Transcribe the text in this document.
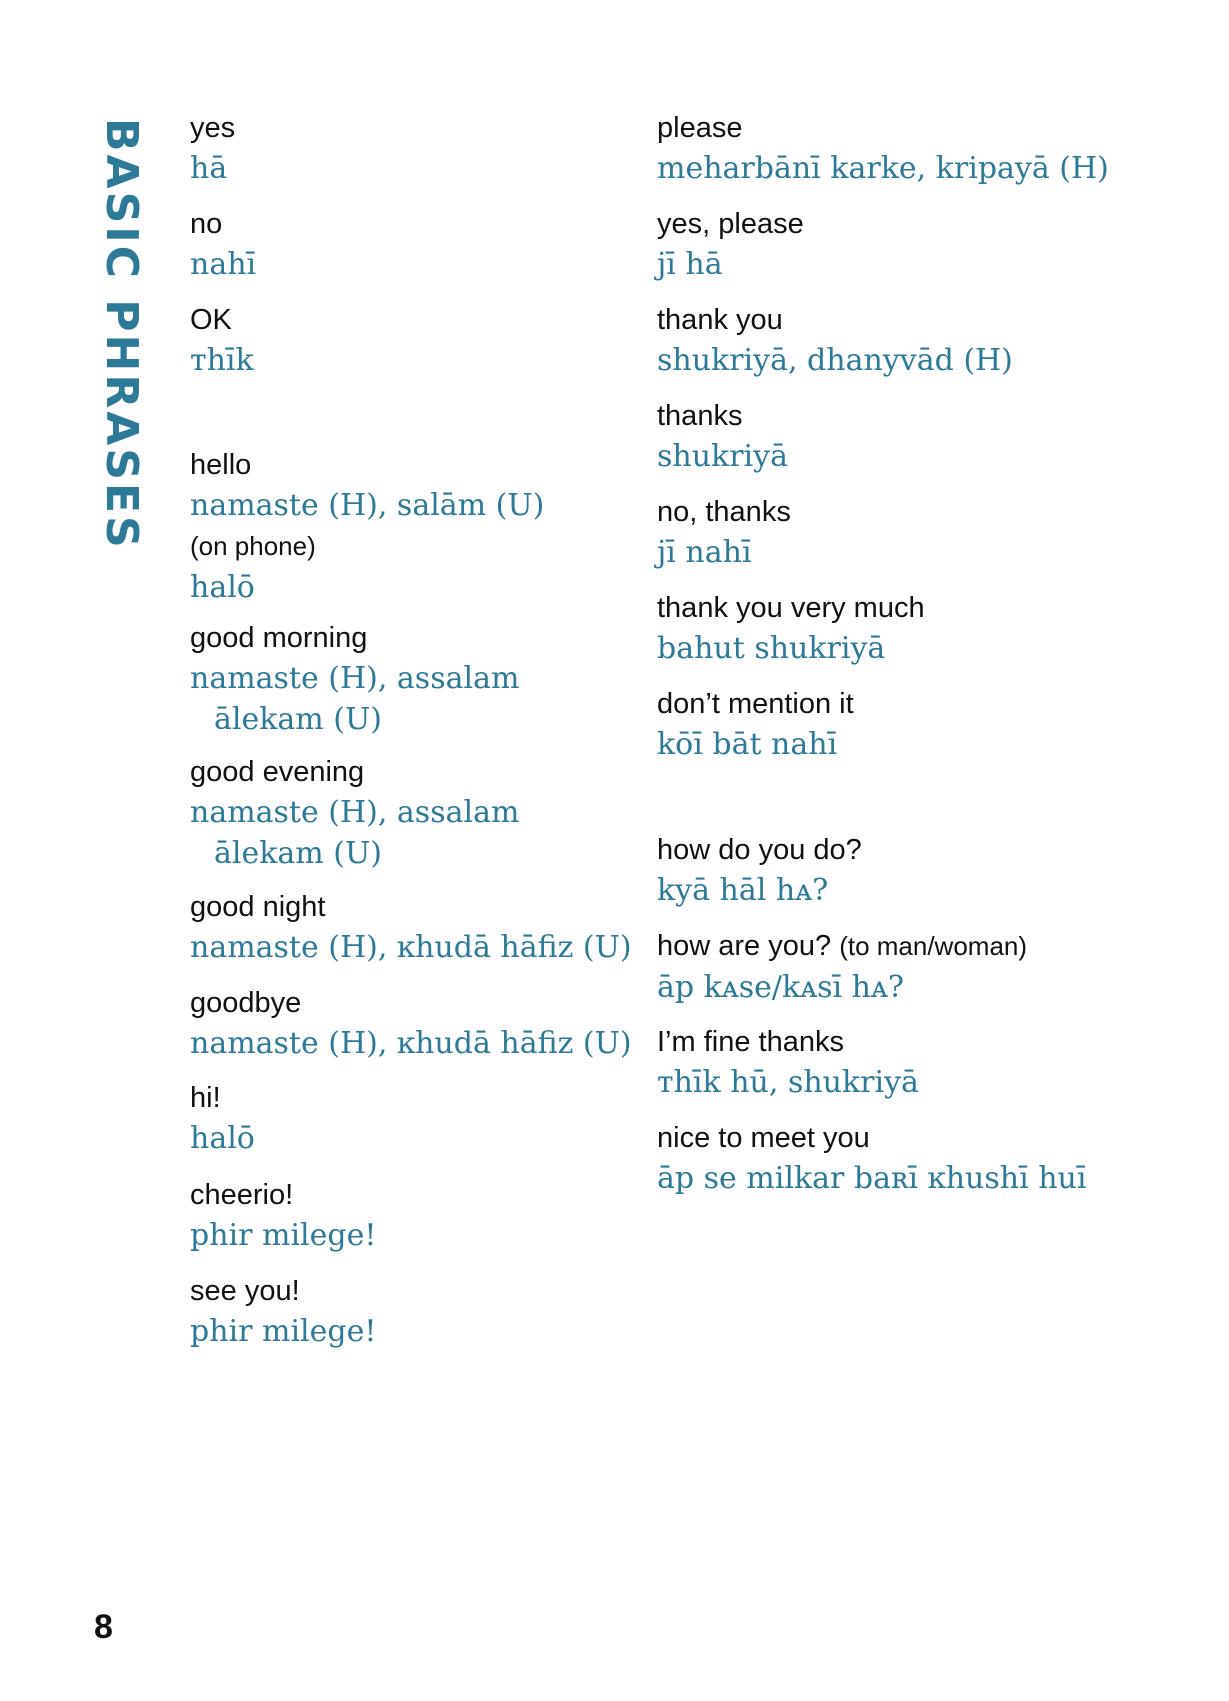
BASIC PHRASES yes
hā
no
nahī
OK
ᴛhīk
hello
namaste (H), salām (U)
(on phone)
halō
good morning
namaste (H), assalam
ālekam (U)
good evening
namaste (H), assalam
ālekam (U)
good night
namaste (H), ĸhudā hāfiz (U)
goodbye
namaste (H), ĸhudā hāfiz (U)
hi!
halō
cheerio!
phir milege!
see you!
phir milege!
please
meharbānī karke, kripayā (H)
yes, please
jī hā
thank you
shukriyā, dhanyvād (H)
thanks
shukriyā
no, thanks
jī nahī
thank you very much
bahut shukriyā
don’t mention it
kōī bāt nahī
how do you do?
kyā hāl hᴀ?
how are you? (to man/woman)
āp kᴀse/kᴀsī hᴀ?
I’m fine thanks
ᴛhīk hū, shukriyā
nice to meet you
āp se milkar baʀī ĸhushī huī
8
